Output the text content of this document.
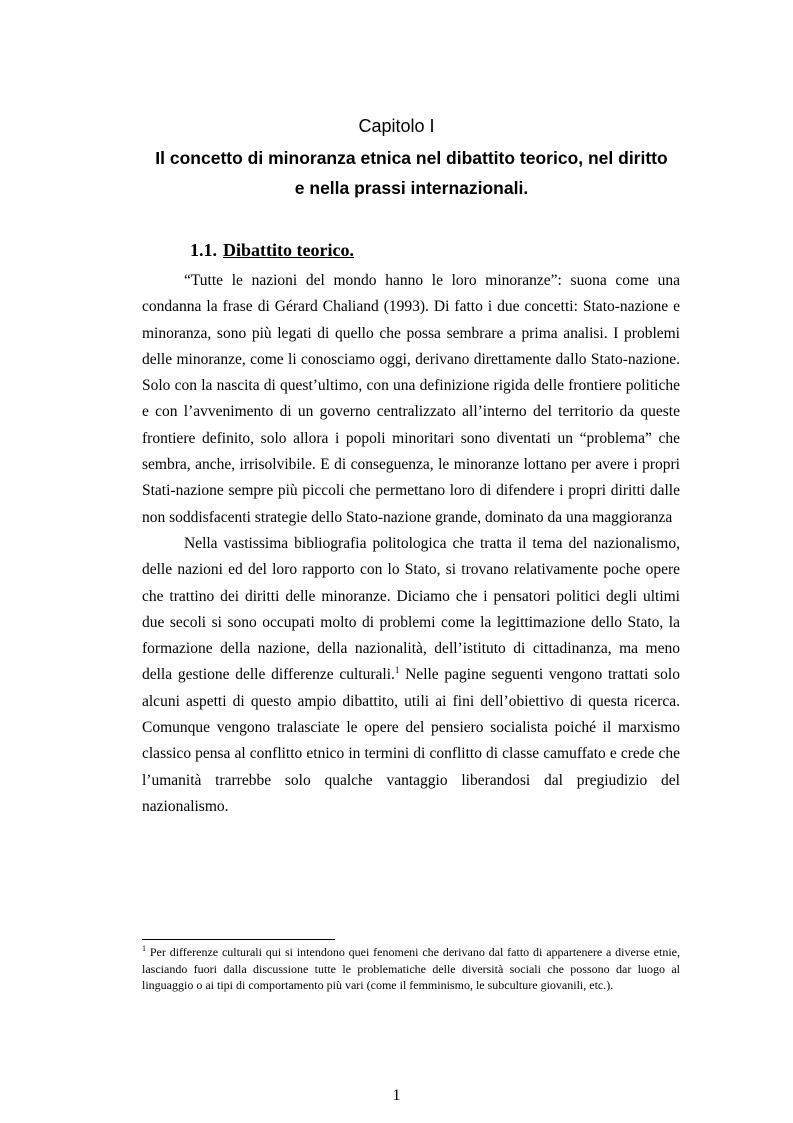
Capitolo I
Il concetto di minoranza etnica nel dibattito teorico, nel diritto e nella prassi internazionali.
1.1. Dibattito teorico.

“Tutte le nazioni del mondo hanno le loro minoranze”: suona come una condanna la frase di Gérard Chaliand (1993). Di fatto i due concetti: Stato-nazione e minoranza, sono più legati di quello che possa sembrare a prima analisi. I problemi delle minoranze, come li conosciamo oggi, derivano direttamente dallo Stato-nazione. Solo con la nascita di quest’ultimo, con una definizione rigida delle frontiere politiche e con l’avvenimento di un governo centralizzato all’interno del territorio da queste frontiere definito, solo allora i popoli minoritari sono diventati un “problema” che sembra, anche, irrisolvibile. E di conseguenza, le minoranze lottano per avere i propri Stati-nazione sempre più piccoli che permettano loro di difendere i propri diritti dalle non soddisfacenti strategie dello Stato-nazione grande, dominato da una maggioranza

Nella vastissima bibliografia politologica che tratta il tema del nazionalismo, delle nazioni ed del loro rapporto con lo Stato, si trovano relativamente poche opere che trattino dei diritti delle minoranze. Diciamo che i pensatori politici degli ultimi due secoli si sono occupati molto di problemi come la legittimazione dello Stato, la formazione della nazione, della nazionalità, dell’istituto di cittadinanza, ma meno della gestione delle differenze culturali.$^1$ Nelle pagine seguenti vengono trattati solo alcuni aspetti di questo ampio dibattito, utili ai fini dell’obiettivo di questa ricerca. Comunque vengono tralasciate le opere del pensiero socialista poiché il marxismo classico pensa al conflitto etnico in termini di conflitto di classe camuffato e crede che l’umanità trarrebbe solo qualche vantaggio liberandosi dal pregiudizio del nazionalismo.

$^1$ Per differenze culturali qui si intendono quei fenomeni che derivano dal fatto di appartenere a diverse etnie, lasciando fuori dalla discussione tutte le problematiche delle diversità sociali che possono dar luogo al linguaggio o ai tipi di comportamento più vari (come il femminismo, le subculture giovanili, etc.).
1
